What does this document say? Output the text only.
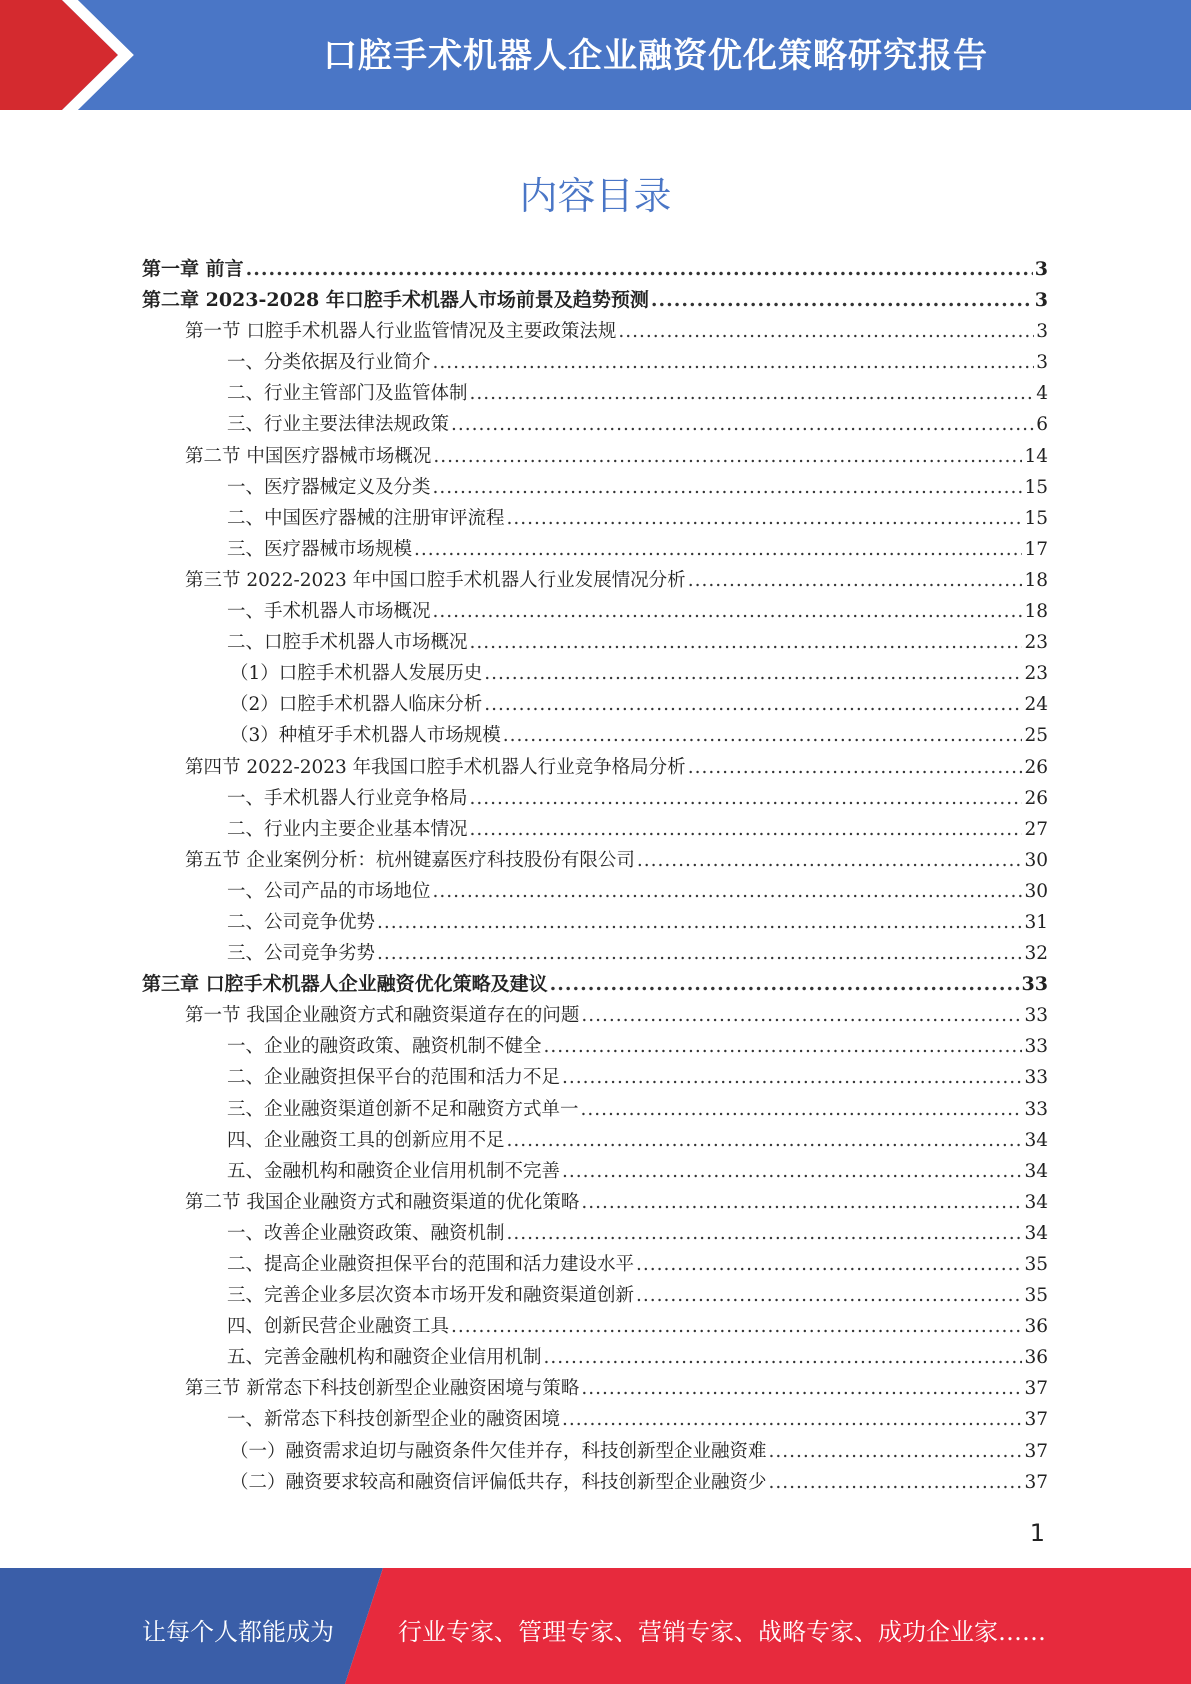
口腔手术机器人企业融资优化策略研究报告
内容目录
第一章 前言 .....	3
第二章 2023-2028 年口腔手术机器人市场前景及趋势预测 .....	3
第一节 口腔手术机器人行业监管情况及主要政策法规 .....	3
一、分类依据及行业简介 .....	3
二、行业主管部门及监管体制 .....	4
三、行业主要法律法规政策 .....	6
第二节 中国医疗器械市场概况 .....	14
一、医疗器械定义及分类 .....	15
二、中国医疗器械的注册审评流程 .....	15
三、医疗器械市场规模 .....	17
第三节 2022-2023 年中国口腔手术机器人行业发展情况分析 .....	18
一、手术机器人市场概况 .....	18
二、口腔手术机器人市场概况 .....	23
（1）口腔手术机器人发展历史 .....	23
（2）口腔手术机器人临床分析 .....	24
（3）种植牙手术机器人市场规模 .....	25
第四节 2022-2023 年我国口腔手术机器人行业竞争格局分析 .....	26
一、手术机器人行业竞争格局 .....	26
二、行业内主要企业基本情况 .....	27
第五节 企业案例分析：杭州键嘉医疗科技股份有限公司 .....	30
一、公司产品的市场地位 .....	30
二、公司竞争优势 .....	31
三、公司竞争劣势 .....	32
第三章 口腔手术机器人企业融资优化策略及建议 .....	33
第一节 我国企业融资方式和融资渠道存在的问题 .....	33
一、企业的融资政策、融资机制不健全 .....	33
二、企业融资担保平台的范围和活力不足 .....	33
三、企业融资渠道创新不足和融资方式单一 .....	33
四、企业融资工具的创新应用不足 .....	34
五、金融机构和融资企业信用机制不完善 .....	34
第二节 我国企业融资方式和融资渠道的优化策略 .....	34
一、改善企业融资政策、融资机制 .....	34
二、提高企业融资担保平台的范围和活力建设水平 .....	35
三、完善企业多层次资本市场开发和融资渠道创新 .....	35
四、创新民营企业融资工具 .....	36
五、完善金融机构和融资企业信用机制 .....	36
第三节 新常态下科技创新型企业融资困境与策略 .....	37
一、新常态下科技创新型企业的融资困境 .....	37
（一）融资需求迫切与融资条件欠佳并存，科技创新型企业融资难 .....	37
（二）融资要求较高和融资信评偏低共存，科技创新型企业融资少 .....	37
1
让每个人都能成为	行业专家、管理专家、营销专家、战略专家、成功企业家……
